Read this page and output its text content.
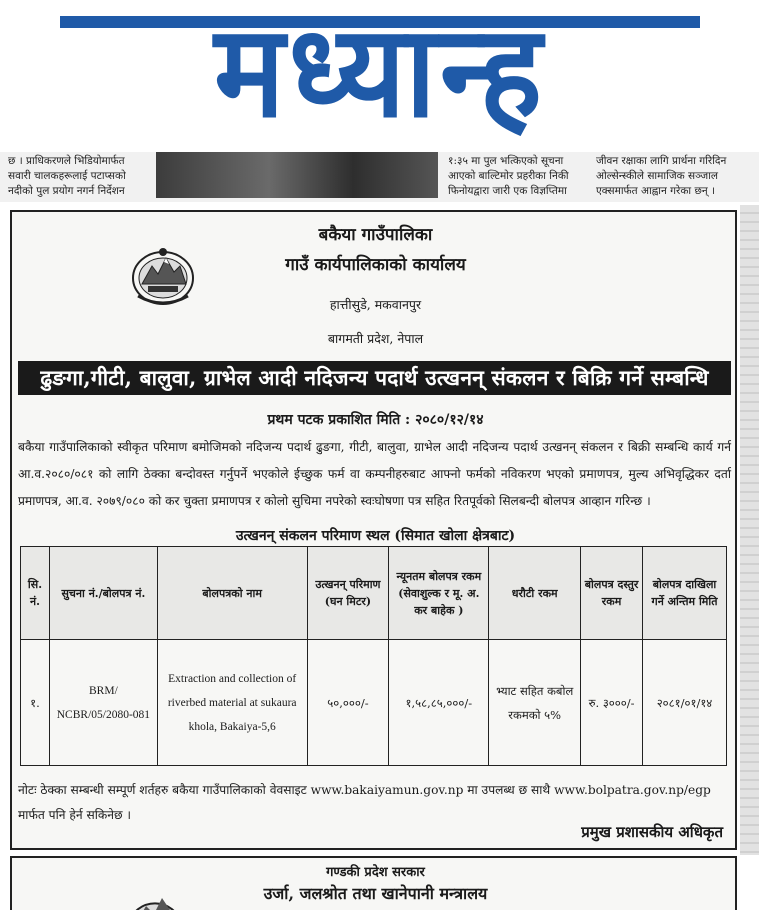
मध्यान्ह
छ । प्राधिकरणले भिडियोमार्फत सवारी चालकहरूलाई पटाप्सको नदीको पुल प्रयोग नगर्न निर्देशन
१:३५ मा पुल भत्किएको सूचना आएको बाल्टिमोर प्रहरीका निकी फिनोयद्वारा जारी एक विज्ञप्तिमा
जीवन रक्षाका लागि प्रार्थना गरिदिन ओल्सेन्स्कीले सामाजिक सञ्जाल एक्समार्फत आह्वान गरेका छन् ।
बकैया गाउँपालिका
गाउँ कार्यपालिकाको कार्यालय
हात्तीसुडे, मकवानपुर
बागमती प्रदेश, नेपाल
ढुङगा,गीटी, बालुवा, ग्राभेल आदी नदिजन्य पदार्थ उत्खनन् संकलन र बिक्रि गर्ने सम्बन्धि
प्रथम पटक प्रकाशित मिति : २०८०/१२/१४
बकैया गाउँपालिकाको स्वीकृत परिमाण बमोजिमको नदिजन्य पदार्थ ढुङगा, गीटी, बालुवा, ग्राभेल आदी नदिजन्य पदार्थ उत्खनन् संकलन र बिक्री सम्बन्धि कार्य गर्न आ.व.२०८०/०८१ को लागि ठेक्का बन्दोवस्त गर्नुपर्ने भएकोले ईच्छुक फर्म वा कम्पनीहरुबाट आफ्नो फर्मको नविकरण भएको प्रमाणपत्र, मुल्य अभिवृद्धिकर दर्ता प्रमाणपत्र, आ.व. २०७९/०८० को कर चुक्ता प्रमाणपत्र र कोलो सुचिमा नपरेको स्वःघोषणा पत्र सहित रितपूर्वको सिलबन्दी बोलपत्र आव्हान गरिन्छ ।
उत्खनन् संकलन परिमाण स्थल (सिमात खोला क्षेत्रबाट)
सि. नं.	सुचना नं./बोलपत्र नं.	बोलपत्रको नाम	उत्खनन् परिमाण (घन मिटर)	न्यूनतम बोलपत्र रकम (सेवाशुल्क र मू. अ. कर बाहेक )	धरौटी रकम	बोलपत्र दस्तुर रकम	बोलपत्र दाखिला गर्ने अन्तिम मिति
१.	BRM/ NCBR/05/2080-081	Extraction and collection of riverbed material at sukaura khola, Bakaiya-5,6	५०,०००/-	१,५८,८५,०००/-	भ्याट सहित कबोल रकमको ५%	रु. ३०००/-	२०८१/०१/१४
नोटः ठेक्का सम्बन्धी सम्पूर्ण शर्तहरु बकैया गाउँपालिकाको वेवसाइट www.bakaiyamun.gov.np मा उपलब्ध छ साथै www.bolpatra.gov.np/egp मार्फत पनि हेर्न सकिनेछ ।
प्रमुख प्रशासकीय अधिकृत
गण्डकी प्रदेश सरकार
उर्जा, जलश्रोत तथा खानेपानी मन्त्रालय
